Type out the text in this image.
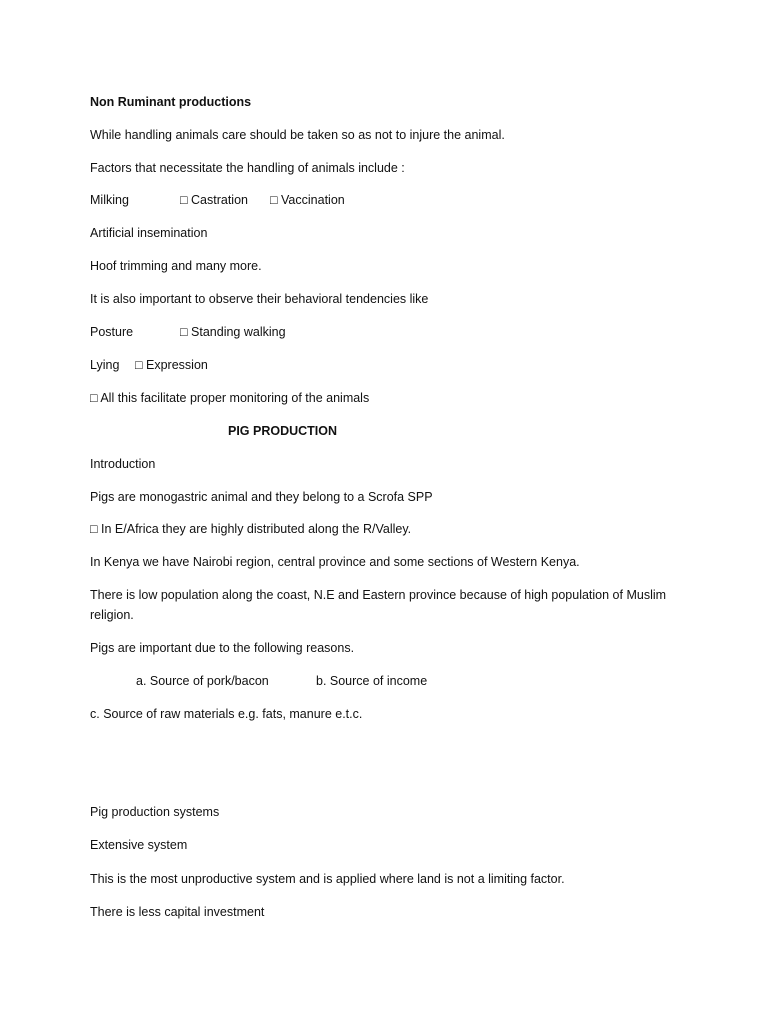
Non Ruminant productions
While handling animals care should be taken so as not to injure the animal.
Factors that necessitate the handling of animals include :
Milking	□ Castration □ Vaccination
Artificial insemination
Hoof trimming and many more.
It is also important to observe their behavioral tendencies like
Posture	□ Standing walking
Lying □ Expression
□ All this facilitate proper monitoring of the animals
PIG PRODUCTION
Introduction
Pigs are monogastric animal and they belong to a Scrofa SPP
□ In E/Africa they are highly distributed along the R/Valley.
In Kenya we have Nairobi region, central province and some sections of Western Kenya.
There is low population along the coast, N.E and Eastern province because of high population of Muslim religion.
Pigs are important due to the following reasons.
a. Source of pork/bacon	b. Source of income
c. Source of raw materials e.g. fats, manure e.t.c.
Pig production systems
Extensive system
This is the most unproductive system and is applied where land is not a limiting factor.
There is less capital investment
